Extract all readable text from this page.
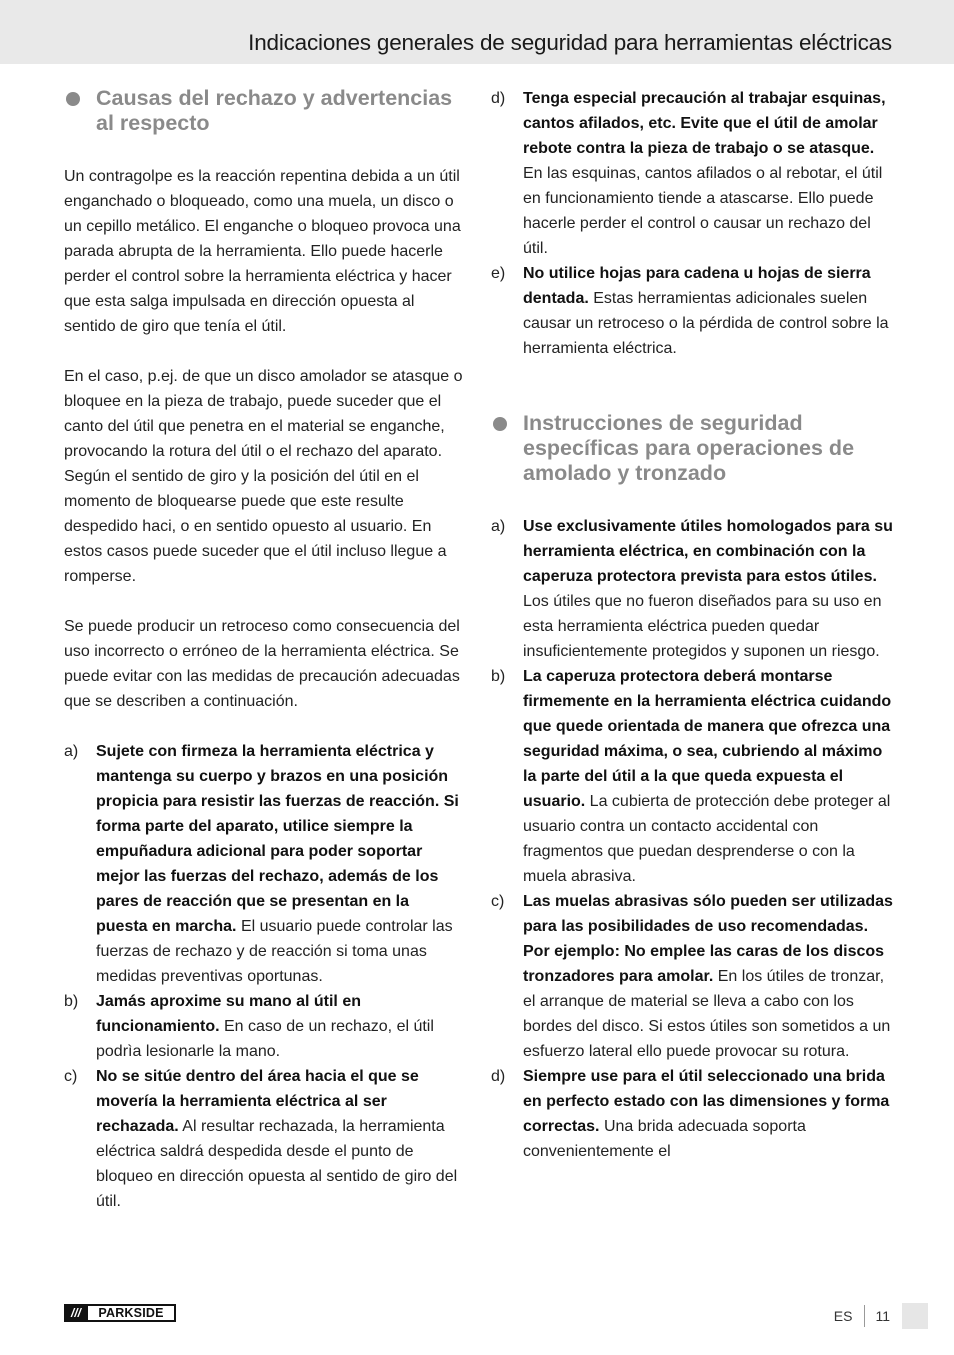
Indicaciones generales de seguridad para herramientas eléctricas
Causas del rechazo y advertencias al respecto

Un contragolpe es la reacción repentina debida a un útil enganchado o bloqueado, como una muela, un disco o un cepillo metálico. El enganche o bloqueo provoca una parada abrupta de la herramienta. Ello puede hacerle perder el control sobre la herramienta eléctrica y hacer que esta salga impulsada en dirección opuesta al sentido de giro que tenía el útil.

En el caso, p.ej. de que un disco amolador se atasque o bloquee en la pieza de trabajo, puede suceder que el canto del útil que penetra en el material se enganche, provocando la rotura del útil o el rechazo del aparato. Según el sentido de giro y la posición del útil en el momento de bloquearse puede que este resulte despedido haci, o en sentido opuesto al usuario. En estos casos puede suceder que el útil incluso llegue a romperse.

Se puede producir un retroceso como consecuencia del uso incorrecto o erróneo de la herramienta eléctrica. Se puede evitar con las medidas de precaución adecuadas que se describen a continuación.

a)	Sujete con firmeza la herramienta eléctrica y mantenga su cuerpo y brazos en una posición propicia para resistir las fuerzas de reacción. Si forma parte del aparato, utilice siempre la empuñadura adicional para poder soportar mejor las fuerzas del rechazo, además de los pares de reacción que se presentan en la puesta en marcha. El usuario puede controlar las fuerzas de rechazo y de reacción si toma unas medidas preventivas oportunas.
b)	Jamás aproxime su mano al útil en funcionamiento. En caso de un rechazo, el útil podrìa lesionarle la mano.
c)	No se sitúe dentro del área hacia el que se movería la herramienta eléctrica al ser rechazada. Al resultar rechazada, la herramienta eléctrica saldrá despedida desde el punto de bloqueo en dirección opuesta al sentido de giro del útil.
d)	Tenga especial precaución al trabajar esquinas, cantos afilados, etc. Evite que el útil de amolar rebote contra la pieza de trabajo o se atasque. En las esquinas, cantos afilados o al rebotar, el útil en funcionamiento tiende a atascarse. Ello puede hacerle perder el control o causar un rechazo del útil.
e)	No utilice hojas para cadena u hojas de sierra dentada. Estas herramientas adicionales suelen causar un retroceso o la pérdida de control sobre la herramienta eléctrica.
Instrucciones de seguridad específicas para operaciones de amolado y tronzado
a)	Use exclusivamente útiles homologados para su herramienta eléctrica, en combinación con la caperuza protectora prevista para estos útiles. Los útiles que no fueron diseñados para su uso en esta herramienta eléctrica pueden quedar insuficientemente protegidos y suponen un riesgo.
b)	La caperuza protectora deberá montarse firmemente en la herramienta eléctrica cuidando que quede orientada de manera que ofrezca una seguridad máxima, o sea, cubriendo al máximo la parte del útil a la que queda expuesta el usuario. La cubierta de protección debe proteger al usuario contra un contacto accidental con fragmentos que puedan desprenderse o con la muela abrasiva.
c)	Las muelas abrasivas sólo pueden ser utilizadas para las posibilidades de uso recomendadas. Por ejemplo: No emplee las caras de los discos tronzadores para amolar. En los útiles de tronzar, el arranque de material se lleva a cabo con los bordes del disco. Si estos útiles son sometidos a un esfuerzo lateral ello puede provocar su rotura.
d)	Siempre use para el útil seleccionado una brida en perfecto estado con las dimensiones y forma correctas. Una brida adecuada soporta convenientemente el
///	PARKSIDE	ES	11
